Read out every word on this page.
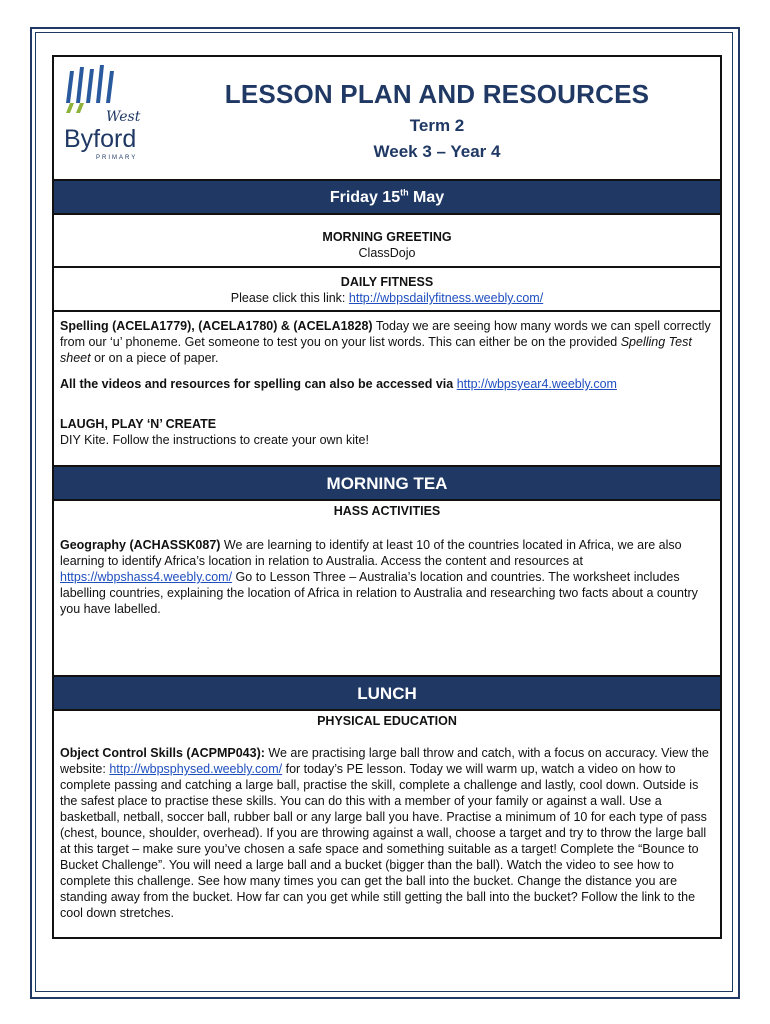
West
Byford
PRIMARY
LESSON PLAN AND RESOURCES
Term 2
Week 3 – Year 4
Friday 15th May
MORNING GREETING
ClassDojo
DAILY FITNESS
Please click this link: http://wbpsdailyfitness.weebly.com/
Spelling (ACELA1779), (ACELA1780) & (ACELA1828) Today we are seeing how many words we can spell correctly from our ‘u’ phoneme. Get someone to test you on your list words. This can either be on the provided Spelling Test sheet or on a piece of paper.
All the videos and resources for spelling can also be accessed via http://wbpsyear4.weebly.com
LAUGH, PLAY ‘N’ CREATE
DIY Kite. Follow the instructions to create your own kite!
MORNING TEA
HASS ACTIVITIES
Geography (ACHASSK087) We are learning to identify at least 10 of the countries located in Africa, we are also learning to identify Africa’s location in relation to Australia. Access the content and resources at https://wbpshass4.weebly.com/ Go to Lesson Three – Australia’s location and countries. The worksheet includes labelling countries, explaining the location of Africa in relation to Australia and researching two facts about a country you have labelled.
LUNCH
PHYSICAL EDUCATION
Object Control Skills (ACPMP043): We are practising large ball throw and catch, with a focus on accuracy. View the website: http://wbpsphysed.weebly.com/ for today’s PE lesson. Today we will warm up, watch a video on how to complete passing and catching a large ball, practise the skill, complete a challenge and lastly, cool down. Outside is the safest place to practise these skills. You can do this with a member of your family or against a wall. Use a basketball, netball, soccer ball, rubber ball or any large ball you have. Practise a minimum of 10 for each type of pass (chest, bounce, shoulder, overhead). If you are throwing against a wall, choose a target and try to throw the large ball at this target – make sure you’ve chosen a safe space and something suitable as a target! Complete the “Bounce to Bucket Challenge”. You will need a large ball and a bucket (bigger than the ball). Watch the video to see how to complete this challenge. See how many times you can get the ball into the bucket. Change the distance you are standing away from the bucket. How far can you get while still getting the ball into the bucket? Follow the link to the cool down stretches.
